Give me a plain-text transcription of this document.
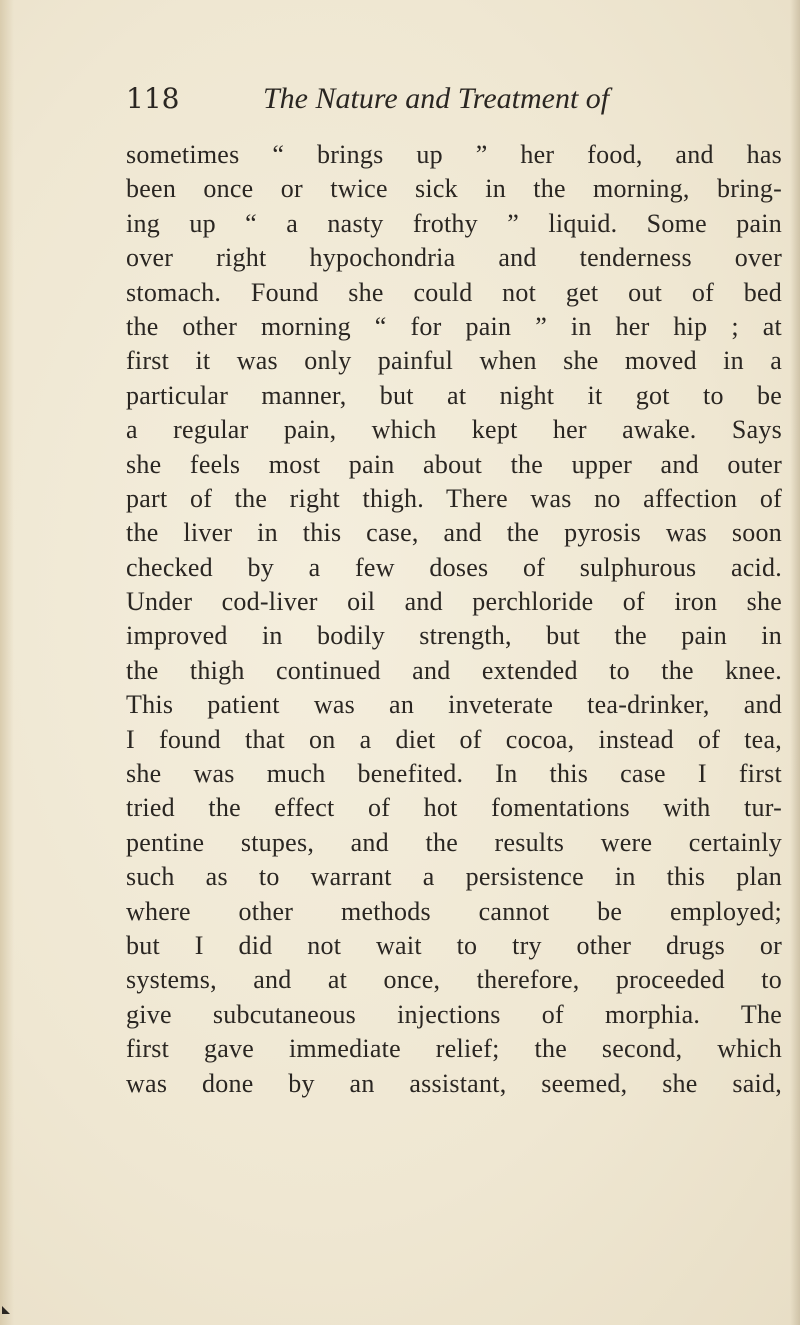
118	The Nature and Treatment of
sometimes “ brings up ” her food, and has
been once or twice sick in the morning, bring-
ing up “ a nasty frothy ” liquid. Some pain
over right hypochondria and tenderness over
stomach. Found she could not get out of bed
the other morning “ for pain ” in her hip ; at
first it was only painful when she moved in a
particular manner, but at night it got to be
a regular pain, which kept her awake. Says
she feels most pain about the upper and outer
part of the right thigh. There was no affection of
the liver in this case, and the pyrosis was soon
checked by a few doses of sulphurous acid.
Under cod-liver oil and perchloride of iron she
improved in bodily strength, but the pain in
the thigh continued and extended to the knee.
This patient was an inveterate tea-drinker, and
I found that on a diet of cocoa, instead of tea,
she was much benefited. In this case I first
tried the effect of hot fomentations with tur-
pentine stupes, and the results were certainly
such as to warrant a persistence in this plan
where other methods cannot be employed;
but I did not wait to try other drugs or
systems, and at once, therefore, proceeded to
give subcutaneous injections of morphia. The
first gave immediate relief; the second, which
was done by an assistant, seemed, she said,
